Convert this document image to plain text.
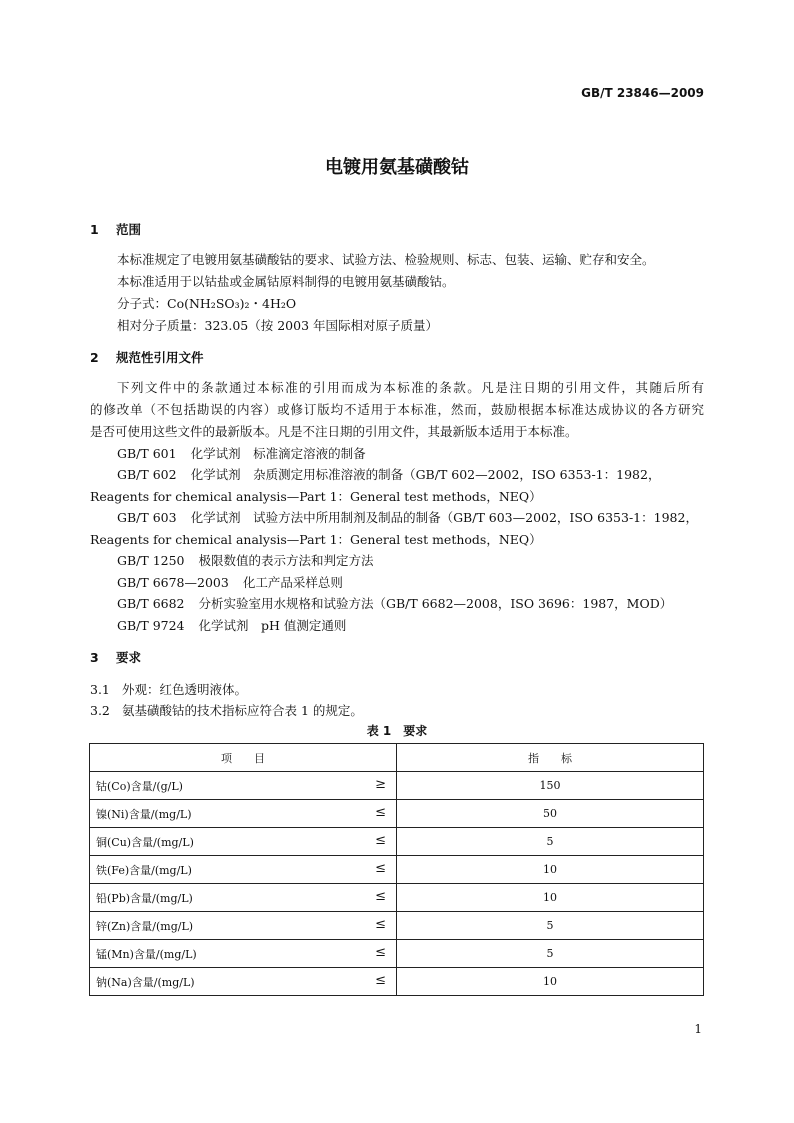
GB/T 23846—2009
电镀用氨基磺酸钴
1 范围
本标准规定了电镀用氨基磺酸钴的要求、试验方法、检验规则、标志、包装、运输、贮存和安全。
本标准适用于以钴盐或金属钴原料制得的电镀用氨基磺酸钴。
分子式：Co(NH₂SO₃)₂・4H₂O
相对分子质量：323.05（按 2003 年国际相对原子质量）
2 规范性引用文件
下列文件中的条款通过本标准的引用而成为本标准的条款。凡是注日期的引用文件，其随后所有
的修改单（不包括勘误的内容）或修订版均不适用于本标准，然而，鼓励根据本标准达成协议的各方研究
是否可使用这些文件的最新版本。凡是不注日期的引用文件，其最新版本适用于本标准。
GB/T 601 化学试剂　标准滴定溶液的制备
GB/T 602 化学试剂　杂质测定用标准溶液的制备（GB/T 602—2002，ISO 6353-1：1982，
Reagents for chemical analysis—Part 1：General test methods，NEQ）
GB/T 603 化学试剂　试验方法中所用制剂及制品的制备（GB/T 603—2002，ISO 6353-1：1982，
Reagents for chemical analysis—Part 1：General test methods，NEQ）
GB/T 1250 极限数值的表示方法和判定方法
GB/T 6678—2003 化工产品采样总则
GB/T 6682 分析实验室用水规格和试验方法（GB/T 6682—2008，ISO 3696：1987，MOD）
GB/T 9724 化学试剂　pH 值测定通则
3 要求
3.1 外观：红色透明液体。
3.2 氨基磺酸钴的技术指标应符合表 1 的规定。
表 1　要求
项　　目	指　　标
钴(Co)含量/(g/L) ≥	150
镍(Ni)含量/(mg/L) ≤	50
铜(Cu)含量/(mg/L) ≤	5
铁(Fe)含量/(mg/L) ≤	10
铅(Pb)含量/(mg/L) ≤	10
锌(Zn)含量/(mg/L) ≤	5
锰(Mn)含量/(mg/L) ≤	5
钠(Na)含量/(mg/L) ≤	10
1
